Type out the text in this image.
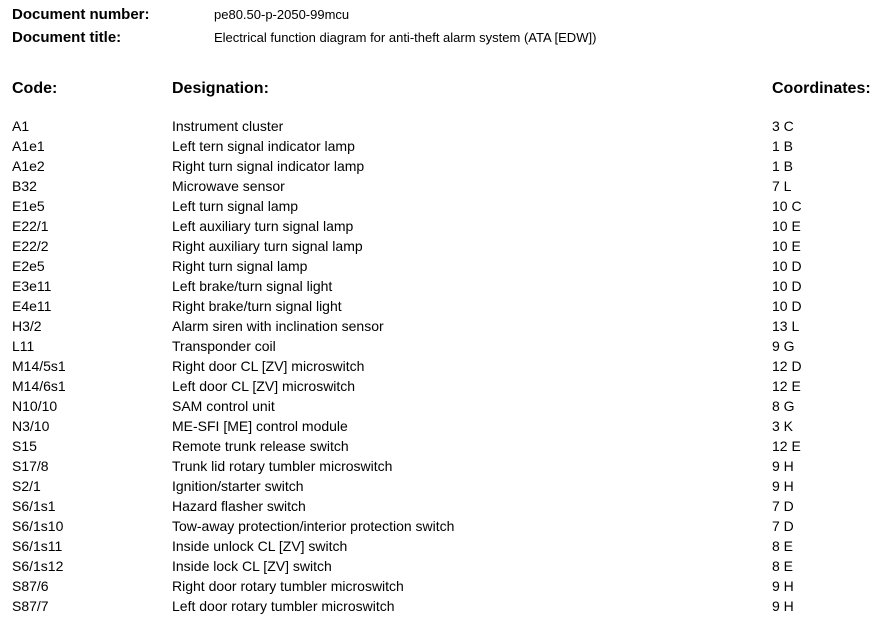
Document number:	pe80.50-p-2050-99mcu
Document title:	Electrical function diagram for anti-theft alarm system (ATA [EDW])
Code:	Designation:	Coordinates:
A1	Instrument cluster	3 C
A1e1	Left tern signal indicator lamp	1 B
A1e2	Right turn signal indicator lamp	1 B
B32	Microwave sensor	7 L
E1e5	Left turn signal lamp	10 C
E22/1	Left auxiliary turn signal lamp	10 E
E22/2	Right auxiliary turn signal lamp	10 E
E2e5	Right turn signal lamp	10 D
E3e11	Left brake/turn signal light	10 D
E4e11	Right brake/turn signal light	10 D
H3/2	Alarm siren with inclination sensor	13 L
L11	Transponder coil	9 G
M14/5s1	Right door CL [ZV] microswitch	12 D
M14/6s1	Left door CL [ZV] microswitch	12 E
N10/10	SAM control unit	8 G
N3/10	ME-SFI [ME] control module	3 K
S15	Remote trunk release switch	12 E
S17/8	Trunk lid rotary tumbler microswitch	9 H
S2/1	Ignition/starter switch	9 H
S6/1s1	Hazard flasher switch	7 D
S6/1s10	Tow-away protection/interior protection switch	7 D
S6/1s11	Inside unlock CL [ZV] switch	8 E
S6/1s12	Inside lock CL [ZV] switch	8 E
S87/6	Right door rotary tumbler microswitch	9 H
S87/7	Left door rotary tumbler microswitch	9 H
